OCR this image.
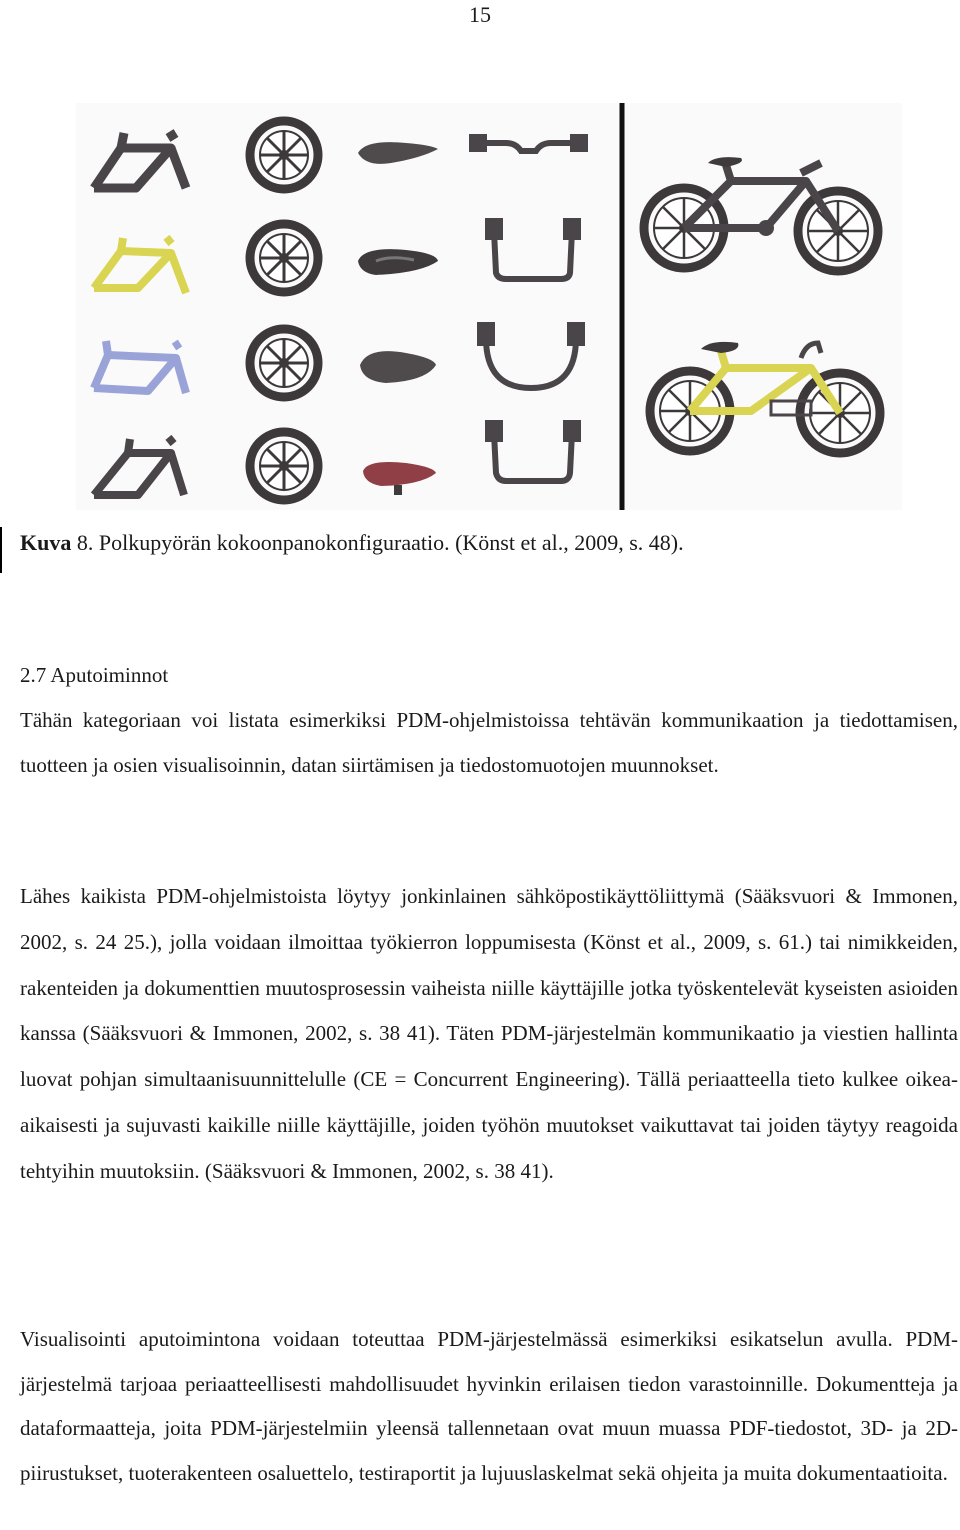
15
Kuva 8. Polkupyörän kokoonpanokonfiguraatio. (Könst et al., 2009, s. 48).
2.7 Aputoiminnot
Tähän kategoriaan voi listata esimerkiksi PDM-ohjelmistoissa tehtävän kommunikaation ja tiedottamisen, tuotteen ja osien visualisoinnin, datan siirtämisen ja tiedostomuotojen muunnokset.
Lähes kaikista PDM-ohjelmistoista löytyy jonkinlainen sähköpostikäyttöliittymä (Sääksvuori & Immonen, 2002, s. 24 25.), jolla voidaan ilmoittaa työkierron loppumisesta (Könst et al., 2009, s. 61.) tai nimikkeiden, rakenteiden ja dokumenttien muutosprosessin vaiheista niille käyttäjille jotka työskentelevät kyseisten asioiden kanssa (Sääksvuori & Immonen, 2002, s. 38 41). Täten PDM-järjestelmän kommunikaatio ja viestien hallinta luovat pohjan simultaanisuunnittelulle (CE = Concurrent Engineering). Tällä periaatteella tieto kulkee oikea-aikaisesti ja sujuvasti kaikille niille käyttäjille, joiden työhön muutokset vaikuttavat tai joiden täytyy reagoida tehtyihin muutoksiin. (Sääksvuori & Immonen, 2002, s. 38 41).
Visualisointi aputoimintona voidaan toteuttaa PDM-järjestelmässä esimerkiksi esikatselun avulla. PDM-järjestelmä tarjoaa periaatteellisesti mahdollisuudet hyvinkin erilaisen tiedon varastoinnille. Dokumentteja ja dataformaatteja, joita PDM-järjestelmiin yleensä tallennetaan ovat muun muassa PDF-tiedostot, 3D- ja 2D-piirustukset, tuoterakenteen osaluettelo, testiraportit ja lujuuslaskelmat sekä ohjeita ja muita dokumentaatioita.
